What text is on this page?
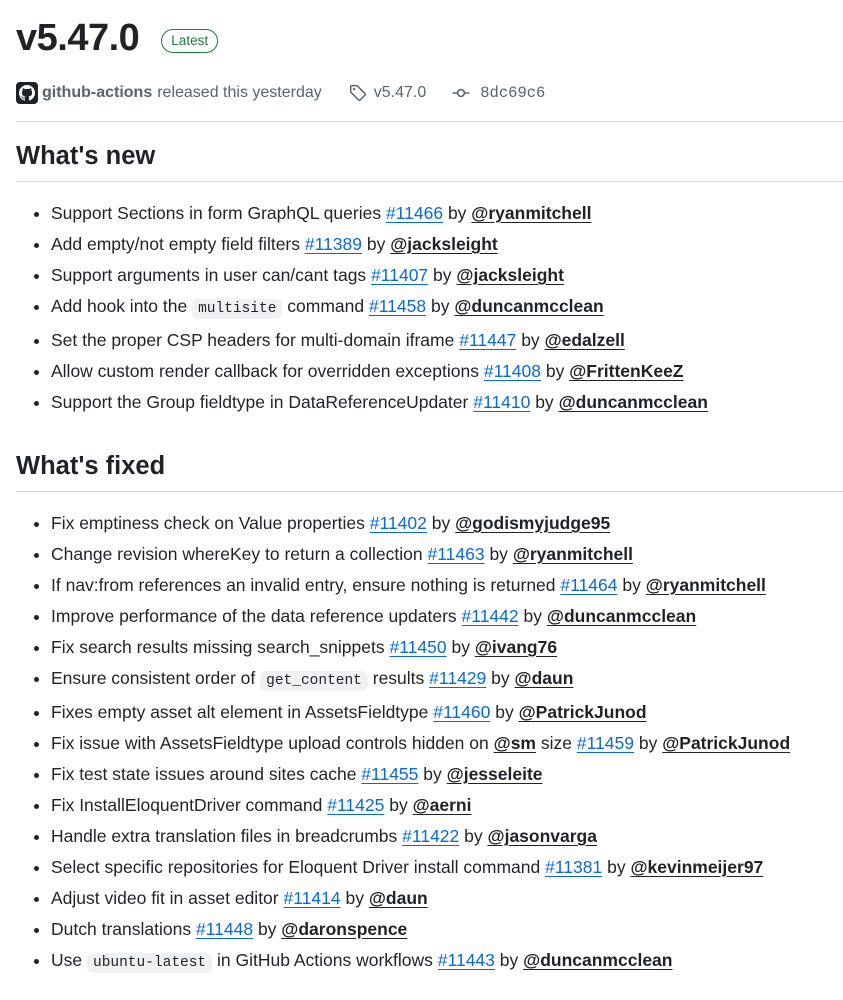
v5.47.0	Latest
github-actions released this yesterday	v5.47.0	8dc69c6
What's new
• Support Sections in form GraphQL queries #11466 by @ryanmitchell
• Add empty/not empty field filters #11389 by @jacksleight
• Support arguments in user can/cant tags #11407 by @jacksleight
• Add hook into the multisite command #11458 by @duncanmcclean
• Set the proper CSP headers for multi-domain iframe #11447 by @edalzell
• Allow custom render callback for overridden exceptions #11408 by @FrittenKeeZ
• Support the Group fieldtype in DataReferenceUpdater #11410 by @duncanmcclean
What's fixed
• Fix emptiness check on Value properties #11402 by @godismyjudge95
• Change revision whereKey to return a collection #11463 by @ryanmitchell
• If nav:from references an invalid entry, ensure nothing is returned #11464 by @ryanmitchell
• Improve performance of the data reference updaters #11442 by @duncanmcclean
• Fix search results missing search_snippets #11450 by @ivang76
• Ensure consistent order of get_content results #11429 by @daun
• Fixes empty asset alt element in AssetsFieldtype #11460 by @PatrickJunod
• Fix issue with AssetsFieldtype upload controls hidden on @sm size #11459 by @PatrickJunod
• Fix test state issues around sites cache #11455 by @jesseleite
• Fix InstallEloquentDriver command #11425 by @aerni
• Handle extra translation files in breadcrumbs #11422 by @jasonvarga
• Select specific repositories for Eloquent Driver install command #11381 by @kevinmeijer97
• Adjust video fit in asset editor #11414 by @daun
• Dutch translations #11448 by @daronspence
• Use ubuntu-latest in GitHub Actions workflows #11443 by @duncanmcclean
